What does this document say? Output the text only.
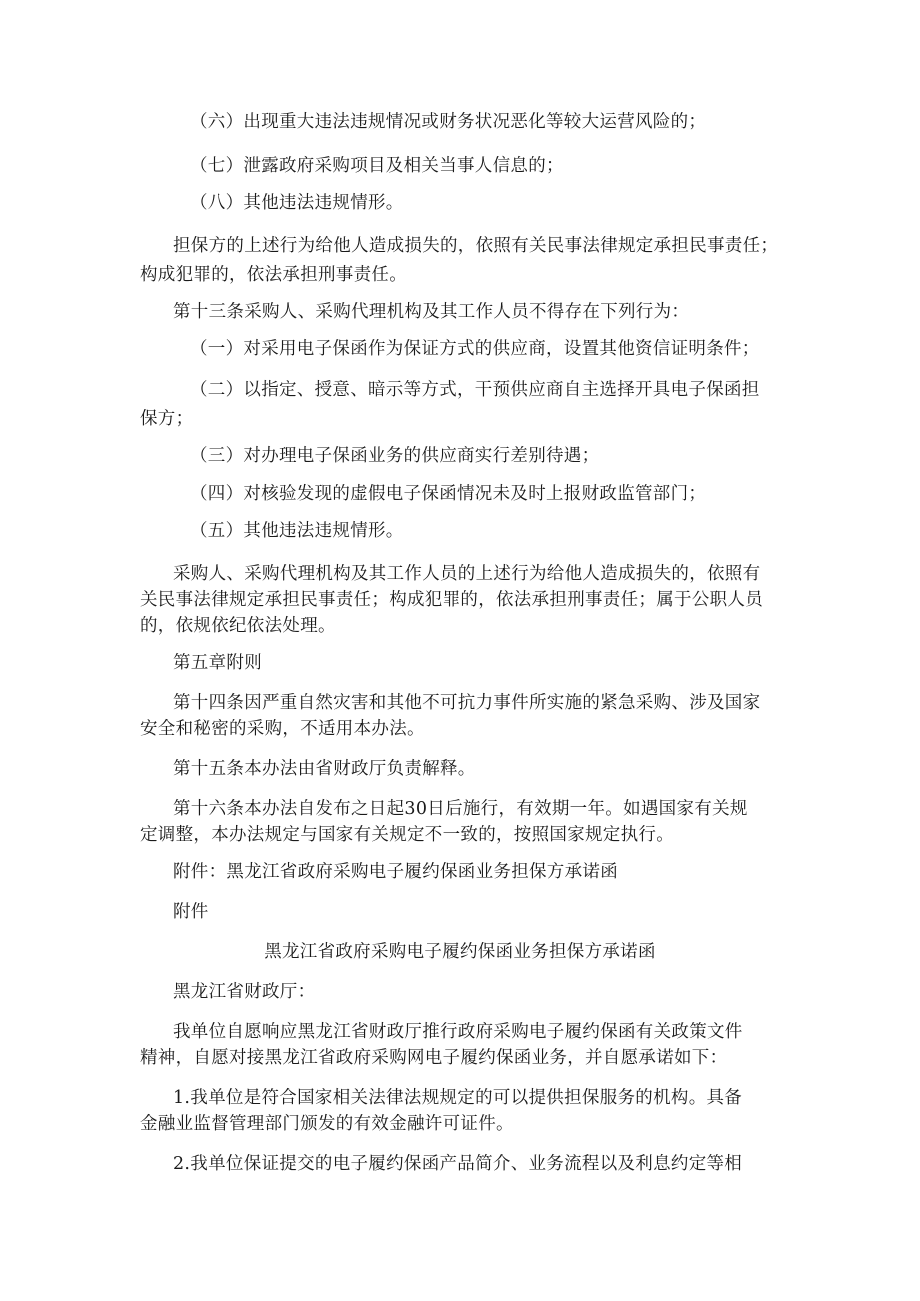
（六）出现重大违法违规情况或财务状况恶化等较大运营风险的；

（七）泄露政府采购项目及相关当事人信息的；

（八）其他违法违规情形。

担保方的上述行为给他人造成损失的，依照有关民事法律规定承担民事责任；

构成犯罪的，依法承担刑事责任。

第十三条采购人、采购代理机构及其工作人员不得存在下列行为：

（一）对采用电子保函作为保证方式的供应商，设置其他资信证明条件；

（二）以指定、授意、暗示等方式，干预供应商自主选择开具电子保函担

保方；

（三）对办理电子保函业务的供应商实行差别待遇；

（四）对核验发现的虚假电子保函情况未及时上报财政监管部门；

（五）其他违法违规情形。

采购人、采购代理机构及其工作人员的上述行为给他人造成损失的，依照有

关民事法律规定承担民事责任；构成犯罪的，依法承担刑事责任；属于公职人员

的，依规依纪依法处理。

第五章附则

第十四条因严重自然灾害和其他不可抗力事件所实施的紧急采购、涉及国家

安全和秘密的采购，不适用本办法。

第十五条本办法由省财政厅负责解释。

第十六条本办法自发布之日起30日后施行，有效期一年。如遇国家有关规

定调整，本办法规定与国家有关规定不一致的，按照国家规定执行。

附件：黑龙江省政府采购电子履约保函业务担保方承诺函

附件

黑龙江省政府采购电子履约保函业务担保方承诺函

黑龙江省财政厅：

我单位自愿响应黑龙江省财政厅推行政府采购电子履约保函有关政策文件

精神，自愿对接黑龙江省政府采购网电子履约保函业务，并自愿承诺如下：

1.我单位是符合国家相关法律法规规定的可以提供担保服务的机构。具备

金融业监督管理部门颁发的有效金融许可证件。

2.我单位保证提交的电子履约保函产品简介、业务流程以及利息约定等相
